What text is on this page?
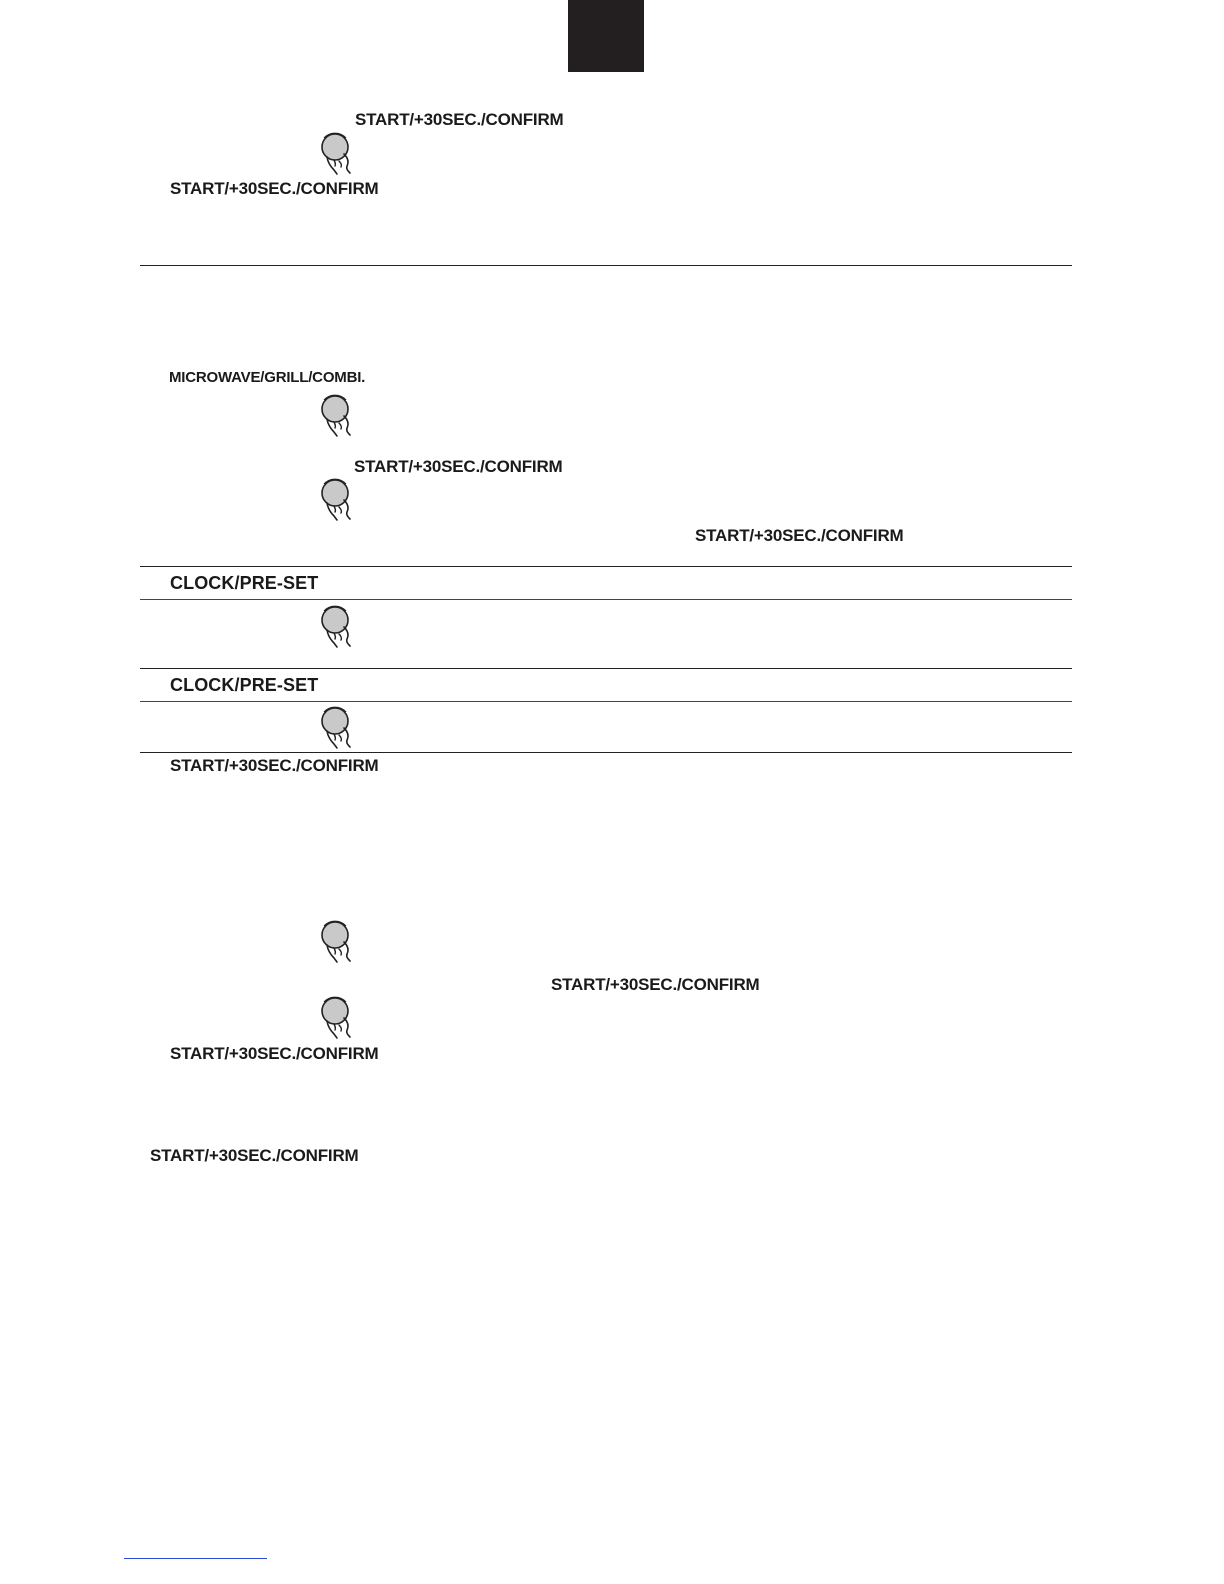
START/+30SEC./CONFIRM
START/+30SEC./CONFIRM
MICROWAVE/GRILL/COMBI.
START/+30SEC./CONFIRM
START/+30SEC./CONFIRM
CLOCK/PRE-SET
CLOCK/PRE-SET
START/+30SEC./CONFIRM
START/+30SEC./CONFIRM
START/+30SEC./CONFIRM
START/+30SEC./CONFIRM
